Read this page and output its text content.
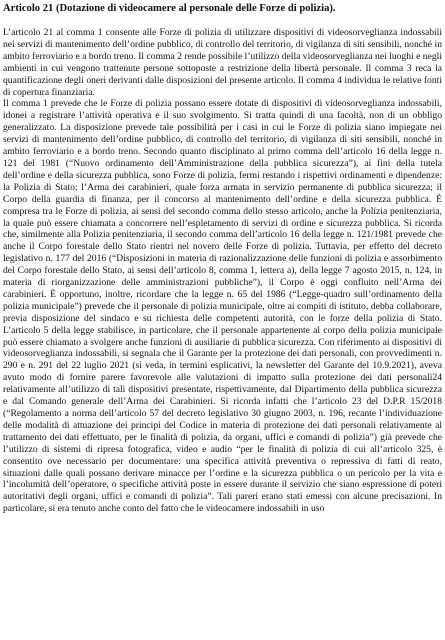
Articolo 21 (Dotazione di videocamere al personale delle Forze di polizia).

L’articolo 21 al comma 1 consente alle Forze di polizia di utilizzare dispositivi di videosorveglianza indossabili nei servizi di mantenimento dell’ordine pubblico, di controllo del territorio, di vigilanza di siti sensibili, nonché in ambito ferroviario e a bordo treno. Il comma 2 rende possibile l’utilizzo della videosorveglianza nei luoghi e negli ambienti in cui vengono trattenute persone sottoposte a restrizione della libertà personale. Il comma 3 reca la quantificazione degli oneri derivanti dalle disposizioni del presente articolo. Il comma 4 individua le relative fonti di copertura finanziaria.

Il comma 1 prevede che le Forze di polizia possano essere dotate di dispositivi di videosorveglianza indossabili, idonei a registrare l’attività operativa e il suo svolgimento. Si tratta quindi di una facoltà, non di un obbligo generalizzato. La disposizione prevede tale possibilità per i casi in cui le Forze di polizia siano impiegate nei servizi di mantenimento dell’ordine pubblico, di controllo del territorio, di vigilanza di siti sensibili, nonché in ambito ferroviario e a bordo treno. Secondo quanto disciplinato al primo comma dell’articolo 16 della legge n. 121 del 1981 (“Nuovo ordinamento dell’Amministrazione della pubblica sicurezza”), ai fini della tutela dell’ordine e della sicurezza pubblica, sono Forze di polizia, fermi restando i rispettivi ordinamenti e dipendenze: la Polizia di Stato; l’Arma dei carabinieri, quale forza armata in servizio permanente di pubblica sicurezza; il Corpo della guardia di finanza, per il concorso al mantenimento dell’ordine e della sicurezza pubblica. È compresa tra le Forze di polizia, ai sensi del secondo comma dello stesso articolo, anche la Polizia penitenziaria, la quale può essere chiamata a concorrere nell’espletamento di servizi di ordine e sicurezza pubblica. Si ricorda che, similmente alla Polizia penitenziaria, il secondo comma dell’articolo 16 della legge n. 121/1981 prevede che anche il Corpo forestale dello Stato rientri nel novero delle Forze di polizia. Tuttavia, per effetto del decreto legislativo n. 177 del 2016 (“Disposizioni in materia di razionalizzazione delle funzioni di polizia e assorbimento del Corpo forestale dello Stato, ai sensi dell’articolo 8, comma 1, lettera a), della legge 7 agosto 2015, n. 124, in materia di riorganizzazione delle amministrazioni pubbliche”), il Corpo è oggi confluito nell’Arma dei carabinieri. È opportuno, inoltre, ricordare che la legge n. 65 del 1986 (“Legge-quadro sull’ordinamento della polizia municipale”) prevede che il personale di polizia municipale, oltre ai compiti di istituto, debba collaborare, previa disposizione del sindaco e su richiesta delle competenti autorità, con le forze della polizia di Stato. L’articolo 5 della legge stabilisce, in particolare, che il personale appartenente al corpo della polizia municipale può essere chiamato a svolgere anche funzioni di ausiliarie di pubblica sicurezza. Con riferimento ai dispositivi di videosorveglianza indossabili, si segnala che il Garante per la protezione dei dati personali, con provvedimenti n. 290 e n. 291 del 22 luglio 2021 (si veda, in termini esplicativi, la newsletter del Garante del 10.9.2021), aveva avuto modo di fornire parere favorevole alle valutazioni di impatto sulla protezione dei dati personali24 relativamente all’utilizzo di tali dispositivi presentate, rispettivamente, dal Dipartimento della pubblica sicurezza e dal Comando generale dell’Arma dei Carabinieri. Si ricorda infatti che l’articolo 23 del D.P.R 15/2018 (“Regolamento a norma dell’articolo 57 del decreto legislativo 30 giugno 2003, n. 196, recante l’individuazione delle modalità di attuazione dei principi del Codice in materia di protezione dei dati personali relativamente al trattamento dei dati effettuato, per le finalità di polizia, da organi, uffici e comandi di polizia”) già prevede che l’utilizzo di sistemi di ripresa fotografica, video e audio “per le finalità di polizia di cui all’articolo 325, è consentito ove necessario per documentare: una specifica attività preventiva o repressiva di fatti di reato, situazioni dalle quali possano derivare minacce per l’ordine e la sicurezza pubblica o un pericolo per la vita e l’incolumità dell’operatore, o specifiche attività poste in essere durante il servizio che siano espressione di poteri autoritativi degli organi, uffici e comandi di polizia”. Tali pareri erano stati emessi con alcune precisazioni. In particolare, si era tenuto anche conto del fatto che le videocamere indossabili in uso
